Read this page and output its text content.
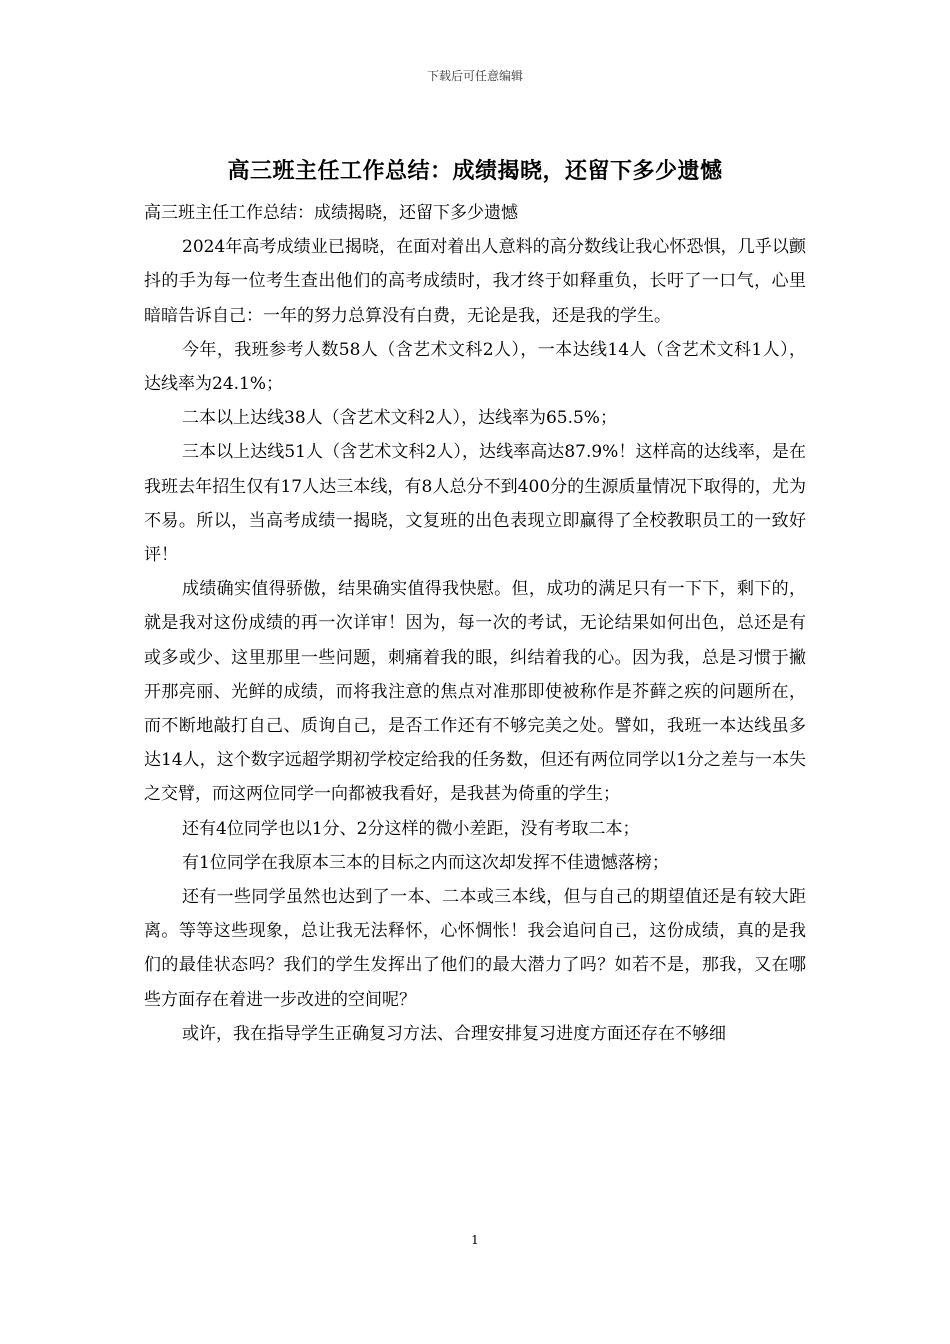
下载后可任意编辑
高三班主任工作总结：成绩揭晓，还留下多少遗憾

高三班主任工作总结：成绩揭晓，还留下多少遗憾

2024年高考成绩业已揭晓，在面对着出人意料的高分数线让我心怀恐惧，几乎以颤抖的手为每一位考生查出他们的高考成绩时，我才终于如释重负，长吁了一口气，心里暗暗告诉自己：一年的努力总算没有白费，无论是我，还是我的学生。

今年，我班参考人数58人（含艺术文科2人），一本达线14人（含艺术文科1人），达线率为24.1%；

二本以上达线38人（含艺术文科2人），达线率为65.5%；

三本以上达线51人（含艺术文科2人），达线率高达87.9%！这样高的达线率，是在我班去年招生仅有17人达三本线，有8人总分不到400分的生源质量情况下取得的，尤为不易。所以，当高考成绩一揭晓，文复班的出色表现立即赢得了全校教职员工的一致好评！

成绩确实值得骄傲，结果确实值得我快慰。但，成功的满足只有一下下，剩下的，就是我对这份成绩的再一次详审！因为，每一次的考试，无论结果如何出色，总还是有或多或少、这里那里一些问题，刺痛着我的眼，纠结着我的心。因为我，总是习惯于撇开那亮丽、光鲜的成绩，而将我注意的焦点对准那即使被称作是芥藓之疾的问题所在，而不断地敲打自己、质询自己，是否工作还有不够完美之处。譬如，我班一本达线虽多达14人，这个数字远超学期初学校定给我的任务数，但还有两位同学以1分之差与一本失之交臂，而这两位同学一向都被我看好，是我甚为倚重的学生；

还有4位同学也以1分、2分这样的微小差距，没有考取二本；

有1位同学在我原本三本的目标之内而这次却发挥不佳遗憾落榜；

还有一些同学虽然也达到了一本、二本或三本线，但与自己的期望值还是有较大距离。等等这些现象，总让我无法释怀，心怀惆怅！我会追问自己，这份成绩，真的是我们的最佳状态吗？我们的学生发挥出了他们的最大潜力了吗？如若不是，那我，又在哪些方面存在着进一步改进的空间呢？

或许，我在指导学生正确复习方法、合理安排复习进度方面还存在不够细

1
